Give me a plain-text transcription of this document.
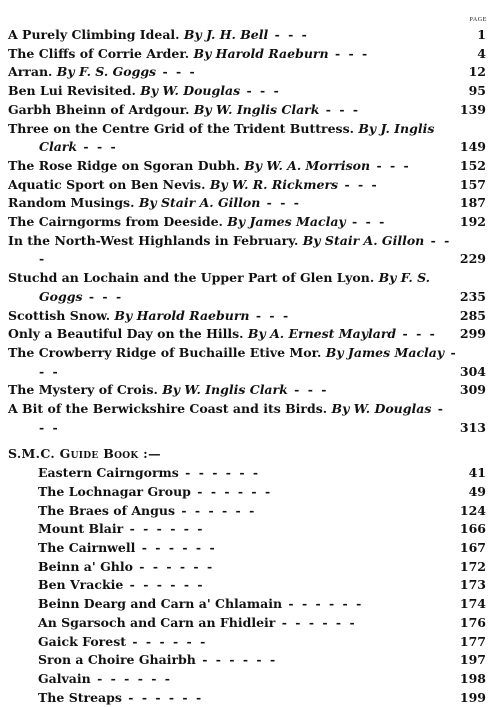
PAGE
A Purely Climbing Ideal. By J. H. Bell - - -	1
The Cliffs of Corrie Arder. By Harold Raeburn - - -	4
Arran. By F. S. Goggs - - -	12
Ben Lui Revisited. By W. Douglas - - -	95
Garbh Bheinn of Ardgour. By W. Inglis Clark - - -	139
Three on the Centre Grid of the Trident Buttress. By J. Inglis Clark - - -	149
The Rose Ridge on Sgoran Dubh. By W. A. Morrison - - -	152
Aquatic Sport on Ben Nevis. By W. R. Rickmers - - -	157
Random Musings. By Stair A. Gillon - - -	187
The Cairngorms from Deeside. By James Maclay - - -	192
In the North-West Highlands in February. By Stair A. Gillon - - -	229
Stuchd an Lochain and the Upper Part of Glen Lyon. By F. S. Goggs - - -	235
Scottish Snow. By Harold Raeburn - - -	285
Only a Beautiful Day on the Hills. By A. Ernest Maylard - - - 299
The Crowberry Ridge of Buchaille Etive Mor. By James Maclay - - -	304
The Mystery of Crois. By W. Inglis Clark - - -	309
A Bit of the Berwickshire Coast and its Birds. By W. Douglas - - -	313
S.M.C. Guide Book :—
Eastern Cairngorms - - - - - -	41
The Lochnagar Group - - - - - -	49
The Braes of Angus - - - - - -	124
Mount Blair - - - - - -	166
The Cairnwell - - - - - -	167
Beinn a' Ghlo - - - - - -	172
Ben Vrackie - - - - - -	173
Beinn Dearg and Carn a' Chlamain - - - - - -	174
An Sgarsoch and Carn an Fhidleir - - - - - -	176
Gaick Forest - - - - - -	177
Sron a Choire Ghairbh - - - - - -	197
Galvain - - - - - -	198
The Streaps - - - - - -	199
